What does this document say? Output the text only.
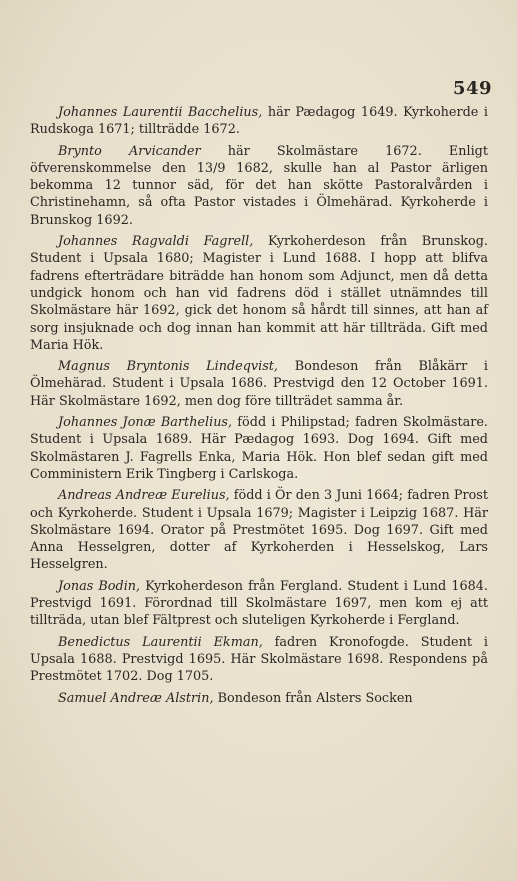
549

Johannes Laurentii Bacchelius, här Pædagog 1649. Kyrkoherde i Rudskoga 1671; tillträdde 1672.

Brynto Arvicander här Skolmästare 1672. Enligt öfverenskommelse den 13/9 1682, skulle han al Pastor ärligen bekomma 12 tunnor säd, för det han skötte Pastoralvården i Christinehamn, så ofta Pastor vistades i Ölmehärad. Kyrkoherde i Brunskog 1692.

Johannes Ragvaldi Fagrell, Kyrkoherdeson från Brunskog. Student i Upsala 1680; Magister i Lund 1688. I hopp att blifva fadrens efterträdare biträdde han honom som Adjunct, men då detta undgick honom och han vid fadrens död i stället utnämndes till Skolmästare här 1692, gick det honom så hårdt till sinnes, att han af sorg insjuknade och dog innan han kommit att här tillträda. Gift med Maria Hök.

Magnus Bryntonis Lindeqvist, Bondeson från Blåkärr i Ölmehärad. Student i Upsala 1686. Prestvigd den 12 October 1691. Här Skolmästare 1692, men dog före tillträdet samma år.

Johannes Jonæ Barthelius, född i Philipstad; fadren Skolmästare. Student i Upsala 1689. Här Pædagog 1693. Dog 1694. Gift med Skolmästaren J. Fagrells Enka, Maria Hök. Hon blef sedan gift med Comministern Erik Tingberg i Carlskoga.

Andreas Andreæ Eurelius, född i Ör den 3 Juni 1664; fadren Prost och Kyrkoherde. Student i Upsala 1679; Magister i Leipzig 1687. Här Skolmästare 1694. Orator på Prestmötet 1695. Dog 1697. Gift med Anna Hesselgren, dotter af Kyrkoherden i Hesselskog, Lars Hesselgren.

Jonas Bodin, Kyrkoherdeson från Fergland. Student i Lund 1684. Prestvigd 1691. Förordnad till Skolmästare 1697, men kom ej att tillträda, utan blef Fältprest och sluteligen Kyrkoherde i Fergland.

Benedictus Laurentii Ekman, fadren Kronofogde. Student i Upsala 1688. Prestvigd 1695. Här Skolmästare 1698. Respondens på Prestmötet 1702. Dog 1705.

Samuel Andreæ Alstrin, Bondeson från Alsters Socken
